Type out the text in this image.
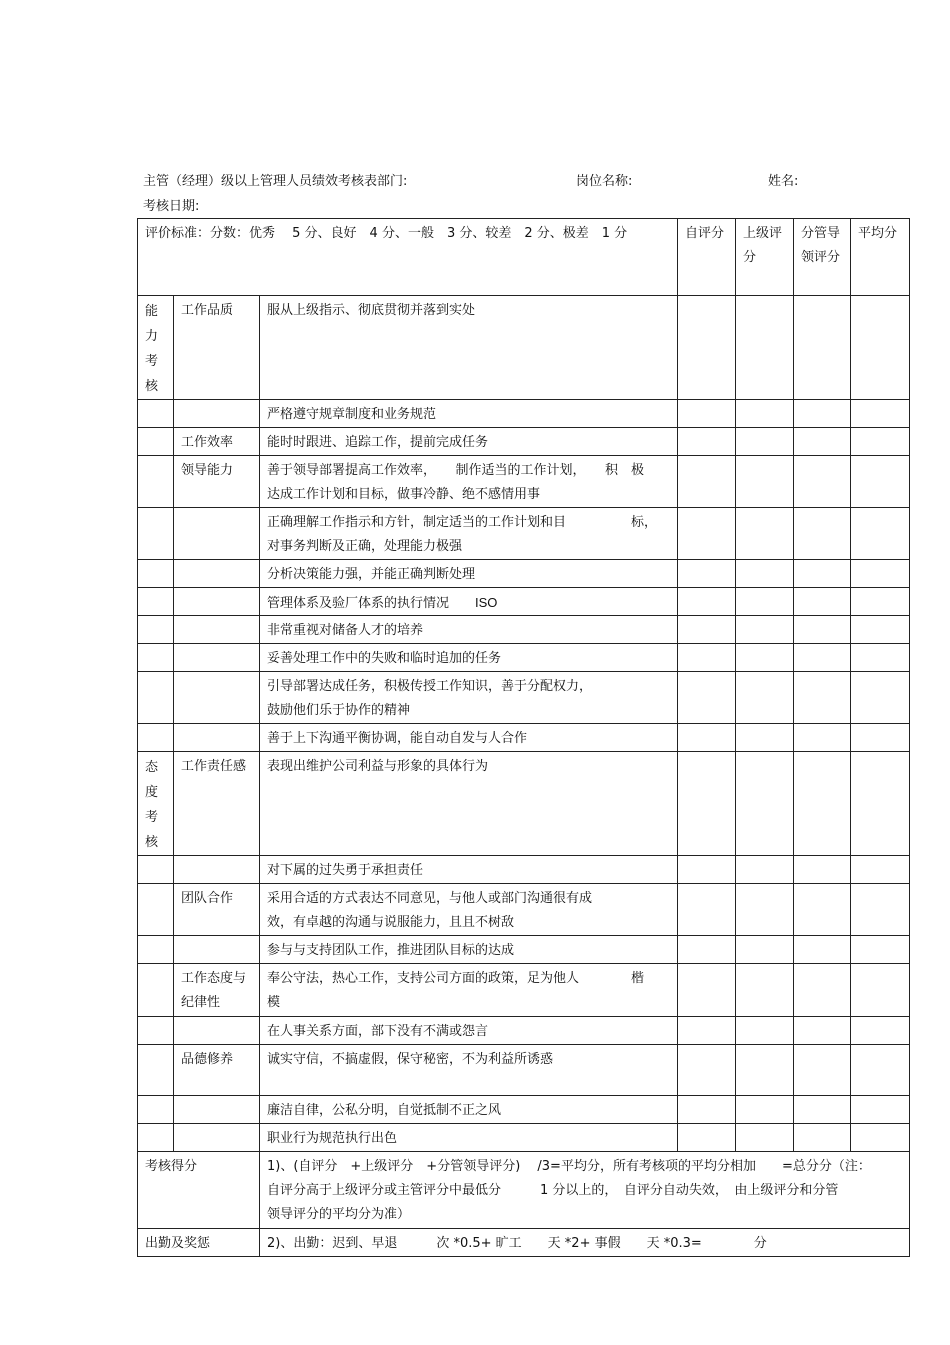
主管（经理）级以上管理人员绩效考核表部门:	岗位名称:	姓名:
考核日期:
评价标准：分数：优秀　 5 分、良好　4 分、一般　3 分、较差　2 分、极差　1 分			自评分	上级评分	分管导领评分	平均分

能力考核	工作品质	服从上级指示、彻底贯彻并落到实处				
		严格遵守规章制度和业务规范				
	工作效率	能时时跟进、追踪工作，提前完成任务				
	领导能力	善于领导部署提高工作效率，　　制作适当的工作计划，　　积　极
达成工作计划和目标，做事冷静、绝不感情用事				

		正确理解工作指示和方针，制定适当的工作计划和目　　　　　标，
对事务判断及正确，处理能力极强				

		分析决策能力强，并能正确判断处理				
		管理体系及验厂体系的执行情况　　ISO				
		非常重视对储备人才的培养				
		妥善处理工作中的失败和临时追加的任务				

		引导部署达成任务，积极传授工作知识，善于分配权力，
鼓励他们乐于协作的精神				

		善于上下沟通平衡协调，能自动自发与人合作				

态度考核	工作责任感	表现出维护公司利益与形象的具体行为				
		对下属的过失勇于承担责任				
	团队合作	采用合适的方式表达不同意见，与他人或部门沟通很有成
效，有卓越的沟通与说服能力，且且不树敌				

		参与与支持团队工作，推进团队目标的达成				
	工作态度与纪律性	奉公守法，热心工作，支持公司方面的政策，足为他人　　　　楷
模				

		在人事关系方面，部下没有不满或怨言				
	品德修养	诚实守信，不搞虚假，保守秘密，不为利益所诱惑				
		廉洁自律，公私分明，自觉抵制不正之风				
		职业行为规范执行出色				
考核得分		1)、(自评分　+上级评分　+分管领导评分)　 /3=平均分，所有考核项的平均分相加　　=总分分（注：
自评分高于上级评分或主管评分中最低分　　　1 分以上的，　自评分自动失效，　由上级评分和分管
领导评分的平均分为准）				

出勤及奖惩		2)、出勤：迟到、早退　　　次 *0.5+ 旷工　　天 *2+ 事假　　天 *0.3=　　　　分				
